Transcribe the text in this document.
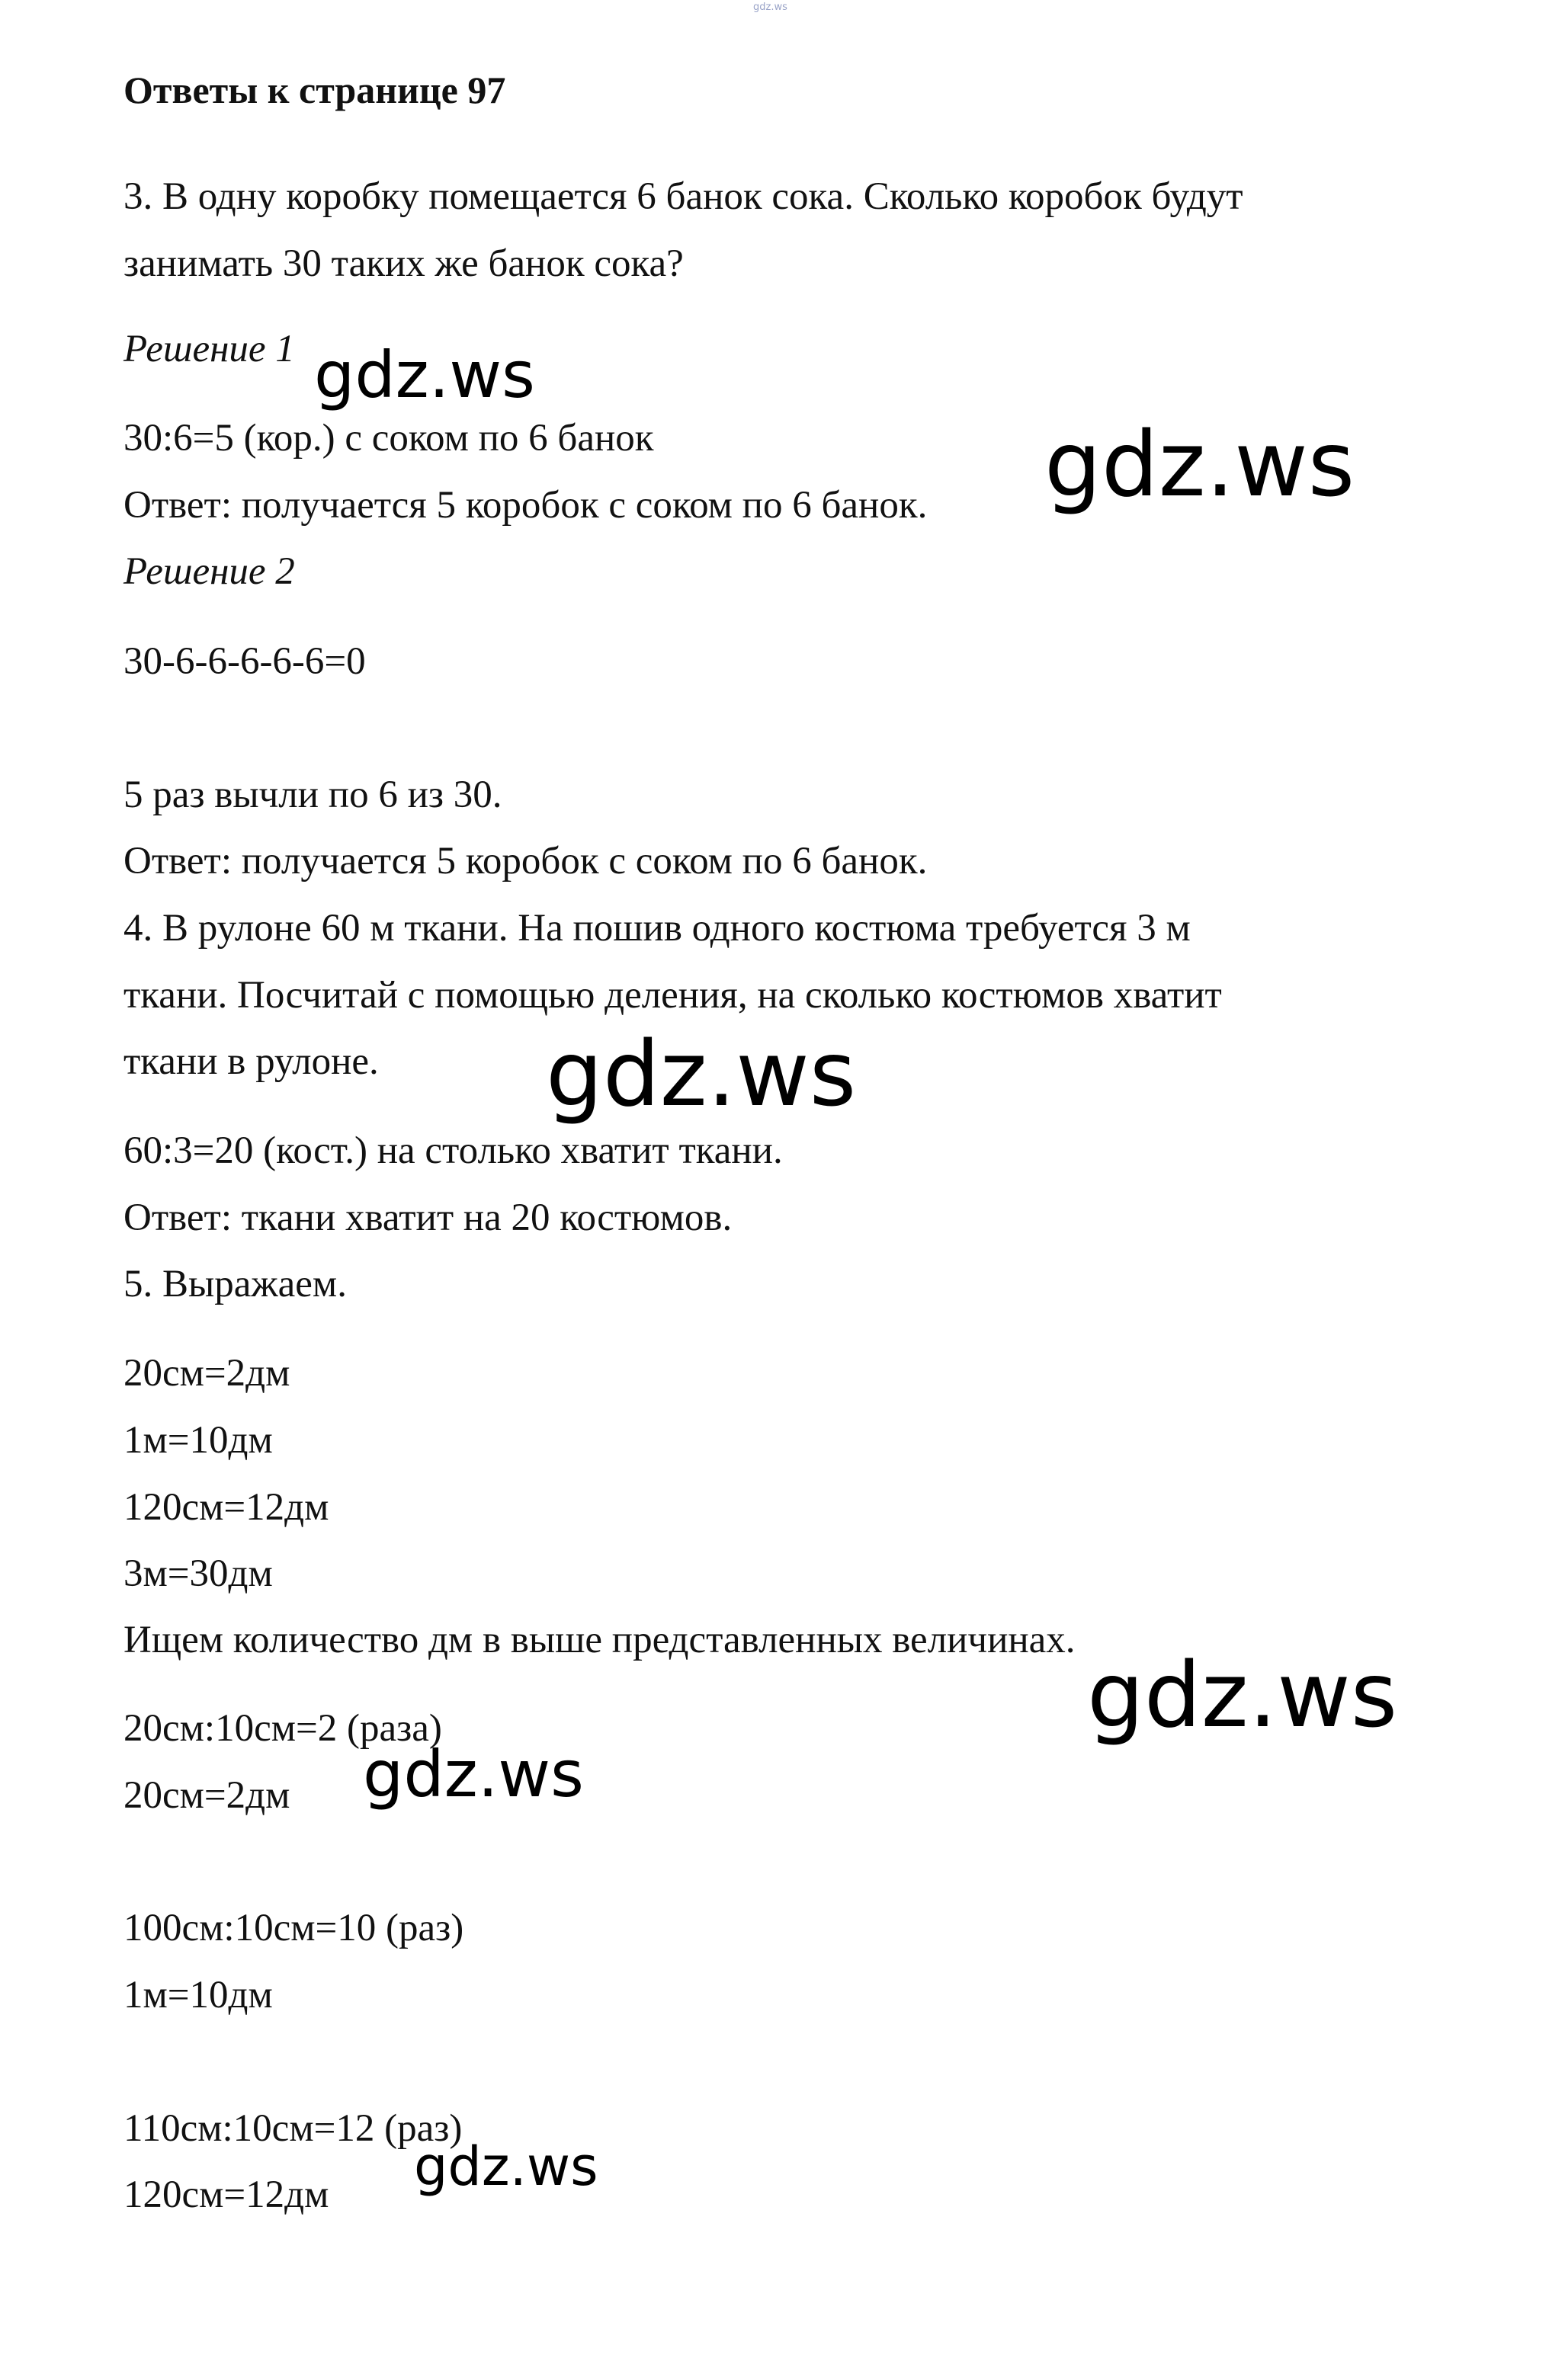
gdz.ws
Ответы к странице 97
3. В одну коробку помещается 6 банок сока. Сколько коробок будут
занимать 30 таких же банок сока?
Решение 1
30:6=5 (кор.) с соком по 6 банок
Ответ: получается 5 коробок с соком по 6 банок.
Решение 2
30-6-6-6-6-6=0
5 раз вычли по 6 из 30.
Ответ: получается 5 коробок с соком по 6 банок.
4. В рулоне 60 м ткани. На пошив одного костюма требуется 3 м
ткани. Посчитай с помощью деления, на сколько костюмов хватит
ткани в рулоне.
60:3=20 (кост.) на столько хватит ткани.
Ответ: ткани хватит на 20 костюмов.
5. Выражаем.
20см=2дм
1м=10дм
120см=12дм
3м=30дм
Ищем количество дм в выше представленных величинах.
20см:10см=2 (раза)
20см=2дм
100см:10см=10 (раз)
1м=10дм
110см:10см=12 (раз)
120см=12дм
gdz.ws
gdz.ws
gdz.ws
gdz.ws
gdz.ws
gdz.ws
